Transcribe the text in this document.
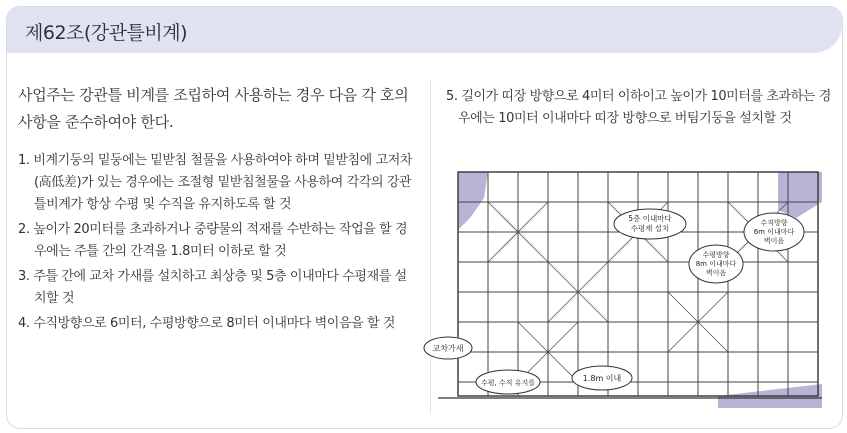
제62조(강관틀비계)
사업주는 강관틀 비계를 조립하여 사용하는 경우 다음 각 호의 사항을 준수하여야 한다.
1. 비계기둥의 밑둥에는 밑받침 철물을 사용하여야 하며 밑받침에 고저차(高低差)가 있는 경우에는 조절형 밑받침철물을 사용하여 각각의 강관틀비계가 항상 수평 및 수직을 유지하도록 할 것
2. 높이가 20미터를 초과하거나 중량물의 적재를 수반하는 작업을 할 경우에는 주틀 간의 간격을 1.8미터 이하로 할 것
3. 주틀 간에 교차 가새를 설치하고 최상층 및 5층 이내마다 수평재를 설치할 것
4. 수직방향으로 6미터, 수평방향으로 8미터 이내마다 벽이음을 할 것
5. 길이가 띠장 방향으로 4미터 이하이고 높이가 10미터를 초과하는 경우에는 10미터 이내마다 띠장 방향으로 버팀기둥을 설치할 것
5층 이내마다
수평재 설치
수직방향
6m 이내마다
벽이음
수평방향
8m 이내마다
벽이음
교차가새
수평, 수직 유지를	1.8m 이내
